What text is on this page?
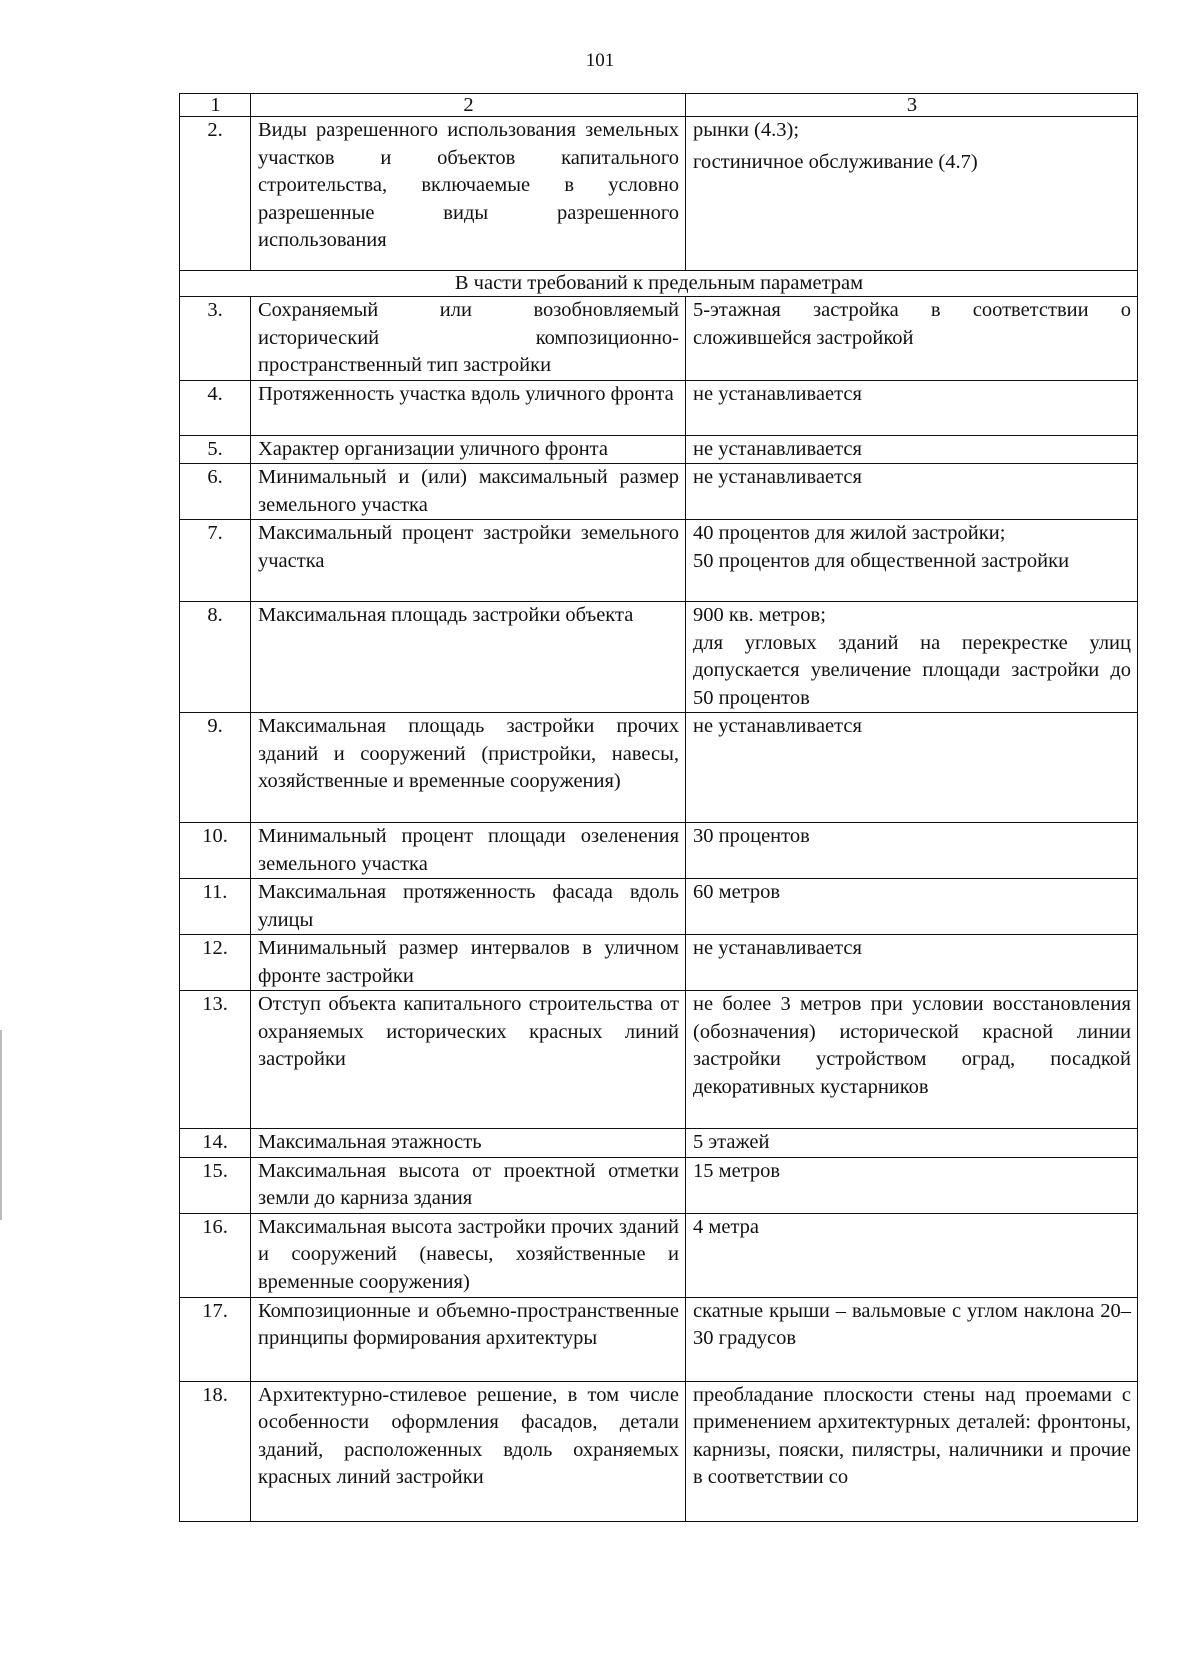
101
1	2	3
2.	Виды разрешенного использования земельных участков и объектов капитального строительства, включаемые в условно разрешенные виды разрешенного использования	рынки (4.3);
гостиничное обслуживание (4.7)

В части требований к предельным параметрам		
3.	Сохраняемый или возобновляемый исторический композиционно-пространственный тип застройки	5-этажная застройка в соответствии о сложившейся застройкой

4.	Протяженность участка вдоль уличного фронта	не устанавливается

5.	Характер организации уличного фронта	не устанавливается

6.	Минимальный и (или) максимальный размер земельного участка	не устанавливается

7.	Максимальный процент застройки земельного участка	40 процентов для жилой застройки;
50 процентов для общественной застройки

8.	Максимальная площадь застройки объекта	900 кв. метров;
для угловых зданий на перекрестке улиц допускается увеличение площади застройки до 50 процентов

9.	Максимальная площадь застройки прочих зданий и сооружений (пристройки, навесы, хозяйственные и временные сооружения)	не устанавливается

10.	Минимальный процент площади озеленения земельного участка	30 процентов

11.	Максимальная протяженность фасада вдоль улицы	60 метров

12.	Минимальный размер интервалов в уличном фронте застройки	не устанавливается

13.	Отступ объекта капитального строительства от охраняемых исторических красных линий застройки	не более 3 метров при условии восстановления (обозначения) исторической красной линии застройки устройством оград, посадкой декоративных кустарников

14.	Максимальная этажность	5 этажей

15.	Максимальная высота от проектной отметки земли до карниза здания	15 метров

16.	Максимальная высота застройки прочих зданий и сооружений (навесы, хозяйственные и временные сооружения)	4 метра

17.	Композиционные и объемно-пространственные принципы формирования архитектуры	скатные крыши – вальмовые с углом наклона 20–30 градусов

18.	Архитектурно-стилевое решение, в том числе особенности оформления фасадов, детали зданий, расположенных вдоль охраняемых красных линий застройки	преобладание плоскости стены над проемами с применением архитектурных деталей: фронтоны, карнизы, пояски, пилястры, наличники и прочие в соответствии со
